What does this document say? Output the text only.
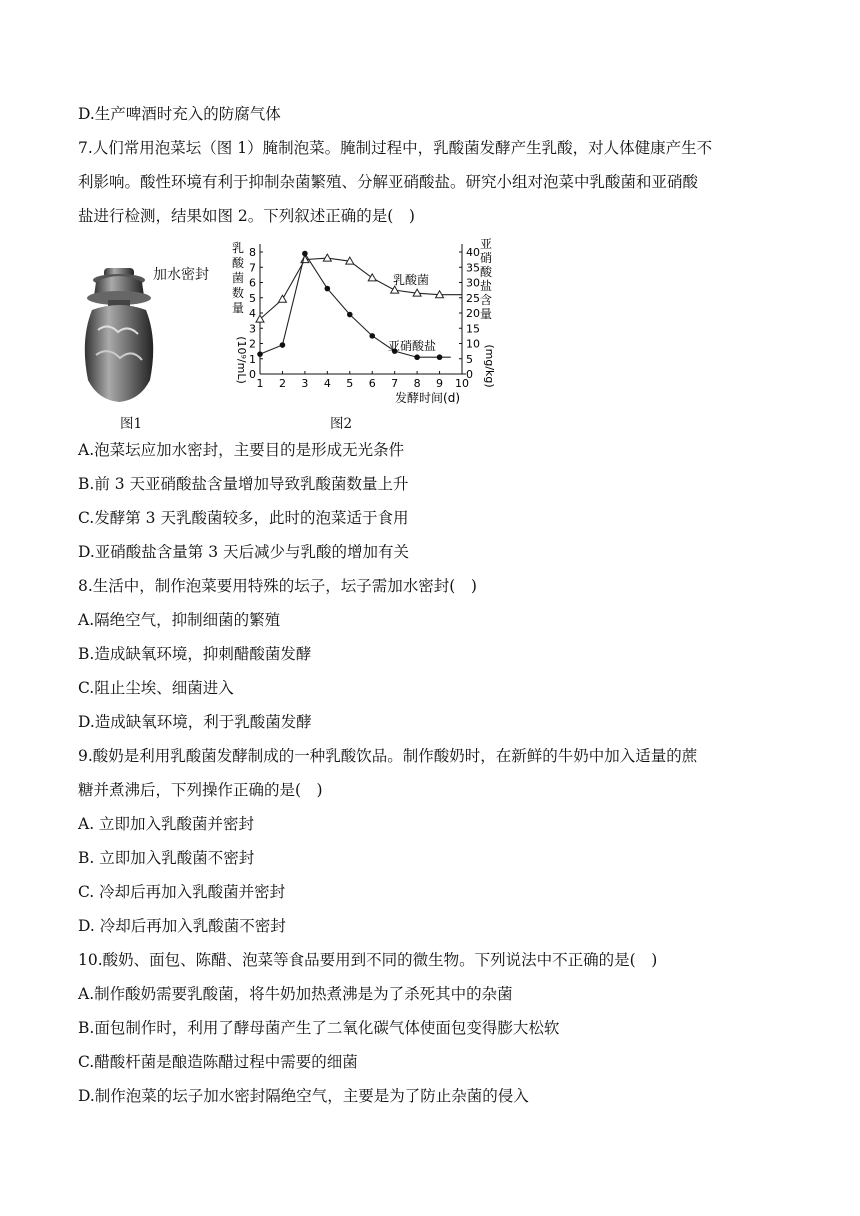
D.生产啤酒时充入的防腐气体
7.人们常用泡菜坛（图 1）腌制泡菜。腌制过程中，乳酸菌发酵产生乳酸，对人体健康产生不
利影响。酸性环境有利于抑制杂菌繁殖、分解亚硝酸盐。研究小组对泡菜中乳酸菌和亚硝酸
盐进行检测，结果如图 2。下列叙述正确的是( )
A.泡菜坛应加水密封，主要目的是形成无光条件
B.前 3 天亚硝酸盐含量增加导致乳酸菌数量上升
C.发酵第 3 天乳酸菌较多，此时的泡菜适于食用
D.亚硝酸盐含量第 3 天后减少与乳酸的增加有关
8.生活中，制作泡菜要用特殊的坛子，坛子需加水密封( )
A.隔绝空气，抑制细菌的繁殖
B.造成缺氧环境，抑刺醋酸菌发酵
C.阻止尘埃、细菌进入
D.造成缺氧环境，利于乳酸菌发酵
9.酸奶是利用乳酸菌发酵制成的一种乳酸饮品。制作酸奶时，在新鲜的牛奶中加入适量的蔗
糖并煮沸后，下列操作正确的是( )
A. 立即加入乳酸菌并密封
B. 立即加入乳酸菌不密封
C. 冷却后再加入乳酸菌并密封
D. 冷却后再加入乳酸菌不密封
10.酸奶、面包、陈醋、泡菜等食品要用到不同的微生物。下列说法中不正确的是( )
A.制作酸奶需要乳酸菌，将牛奶加热煮沸是为了杀死其中的杂菌
B.面包制作时，利用了酵母菌产生了二氧化碳气体使面包变得膨大松软
C.醋酸杆菌是酿造陈醋过程中需要的细菌
D.制作泡菜的坛子加水密封隔绝空气，主要是为了防止杂菌的侵入
加水密封
图1	图2
1 2 3 4 5 6 7 8 9 10
0
1
2
3
4
5
6
7
8
0
5
10
15
20
25
30
35
40
乳酸菌数量
(10⁹/mL)
亚硝酸盐含量
(mg/kg)
发酵时间(d)
乳酸菌
亚硝酸盐
